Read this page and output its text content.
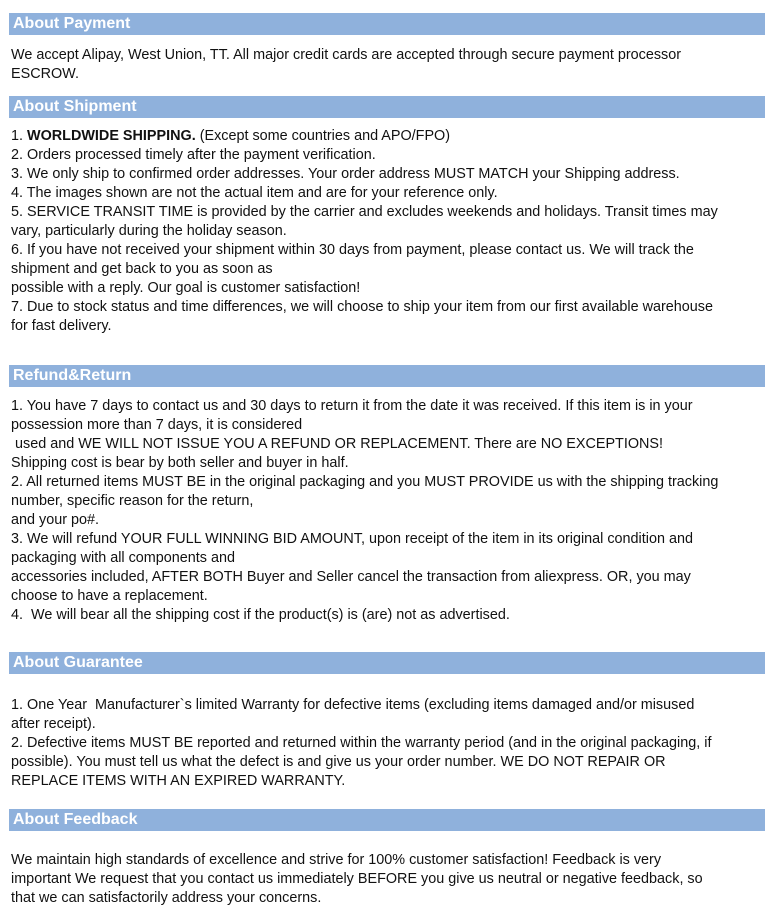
About Payment
We accept Alipay, West Union, TT. All major credit cards are accepted through secure payment processor
ESCROW.
About Shipment
1. WORLDWIDE SHIPPING. (Except some countries and APO/FPO)
2. Orders processed timely after the payment verification.
3. We only ship to confirmed order addresses. Your order address MUST MATCH your Shipping address.
4. The images shown are not the actual item and are for your reference only.
5. SERVICE TRANSIT TIME is provided by the carrier and excludes weekends and holidays. Transit times may
vary, particularly during the holiday season.
6. If you have not received your shipment within 30 days from payment, please contact us. We will track the
shipment and get back to you as soon as
possible with a reply. Our goal is customer satisfaction!
7. Due to stock status and time differences, we will choose to ship your item from our first available warehouse
for fast delivery.
Refund&Return
1. You have 7 days to contact us and 30 days to return it from the date it was received. If this item is in your
possession more than 7 days, it is considered
used and WE WILL NOT ISSUE YOU A REFUND OR REPLACEMENT. There are NO EXCEPTIONS!
Shipping cost is bear by both seller and buyer in half.
2. All returned items MUST BE in the original packaging and you MUST PROVIDE us with the shipping tracking
number, specific reason for the return,
and your po#.
3. We will refund YOUR FULL WINNING BID AMOUNT, upon receipt of the item in its original condition and
packaging with all components and
accessories included, AFTER BOTH Buyer and Seller cancel the transaction from aliexpress. OR, you may
choose to have a replacement.
4.  We will bear all the shipping cost if the product(s) is (are) not as advertised.
About Guarantee
1. One Year  Manufacturer`s limited Warranty for defective items (excluding items damaged and/or misused
after receipt).
2. Defective items MUST BE reported and returned within the warranty period (and in the original packaging, if
possible). You must tell us what the defect is and give us your order number. WE DO NOT REPAIR OR
REPLACE ITEMS WITH AN EXPIRED WARRANTY.
About Feedback
We maintain high standards of excellence and strive for 100% customer satisfaction! Feedback is very
important We request that you contact us immediately BEFORE you give us neutral or negative feedback, so
that we can satisfactorily address your concerns.
